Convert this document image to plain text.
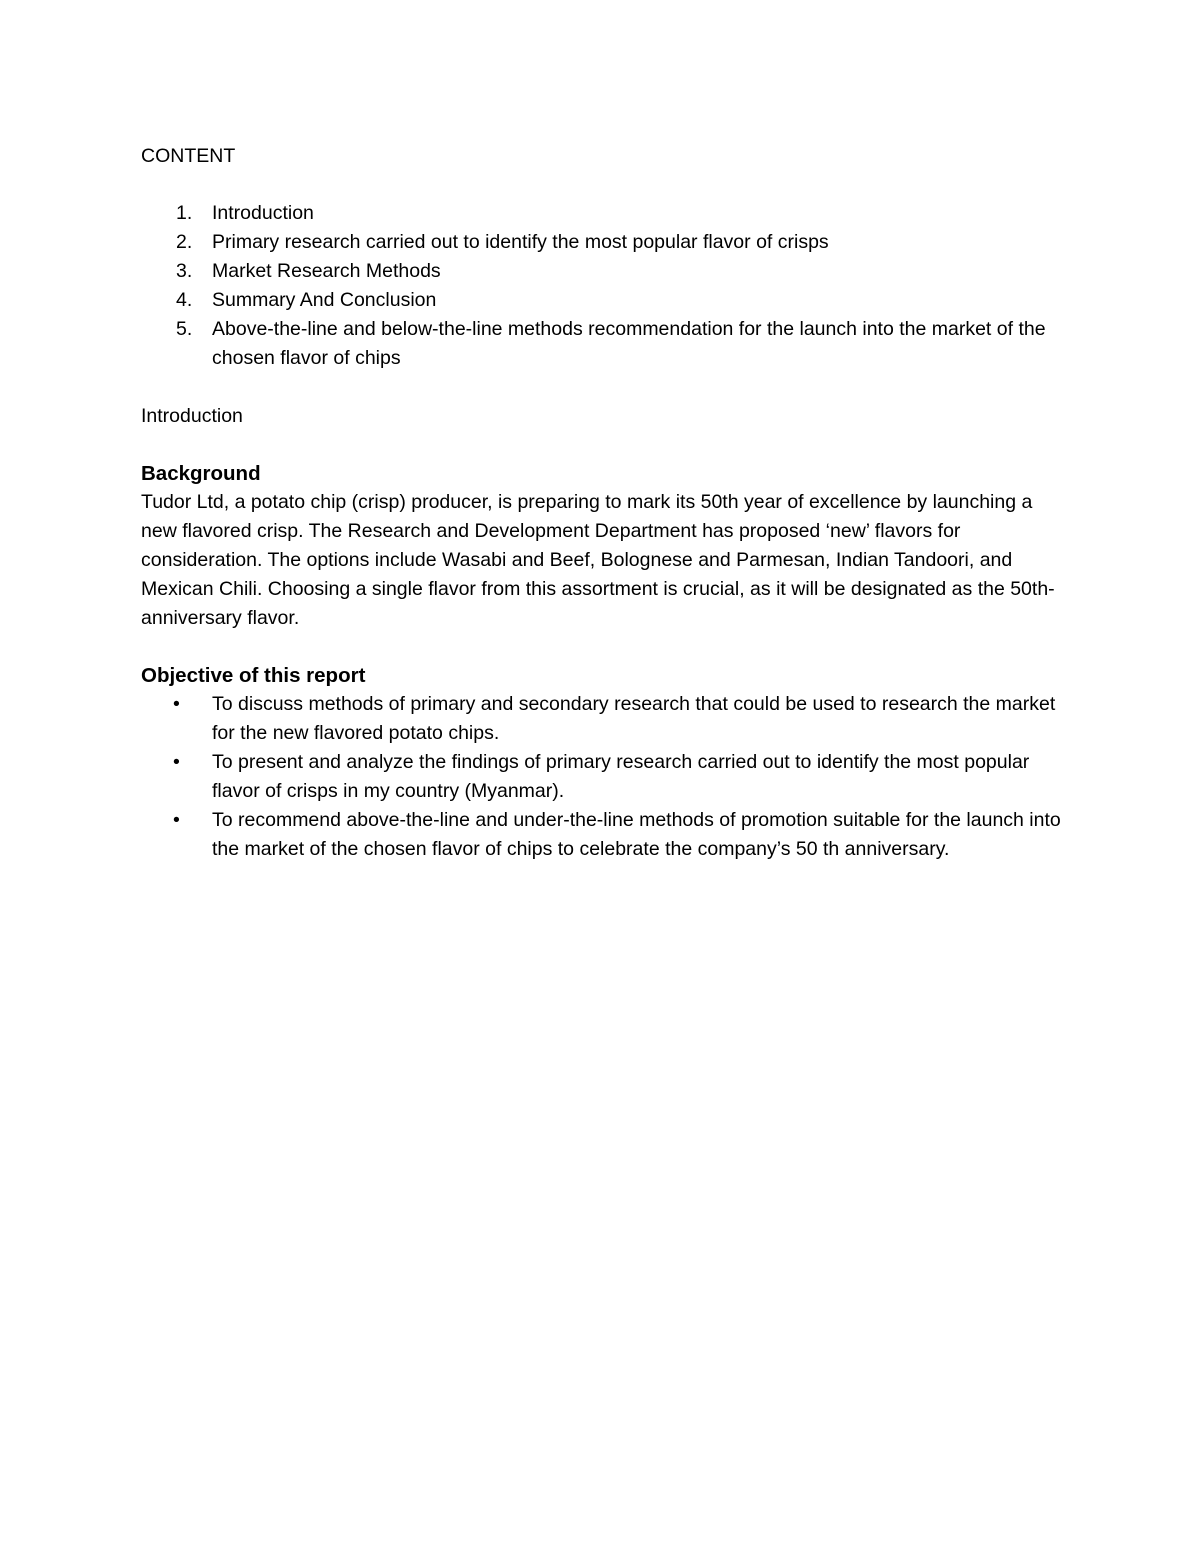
CONTENT
1. Introduction
2. Primary research carried out to identify the most popular flavor of crisps
3. Market Research Methods
4. Summary And Conclusion
5. Above-the-line and below-the-line methods recommendation for the launch into the market of the chosen flavor of chips
Introduction
Background

Tudor Ltd, a potato chip (crisp) producer, is preparing to mark its 50th year of excellence by launching a new flavored crisp. The Research and Development Department has proposed ‘new’ flavors for consideration. The options include Wasabi and Beef, Bolognese and Parmesan, Indian Tandoori, and Mexican Chili. Choosing a single flavor from this assortment is crucial, as it will be designated as the 50th-anniversary flavor.

Objective of this report
• To discuss methods of primary and secondary research that could be used to research the market for the new flavored potato chips.
• To present and analyze the findings of primary research carried out to identify the most popular flavor of crisps in my country (Myanmar).
• To recommend above-the-line and under-the-line methods of promotion suitable for the launch into the market of the chosen flavor of chips to celebrate the company’s 50 th anniversary.
